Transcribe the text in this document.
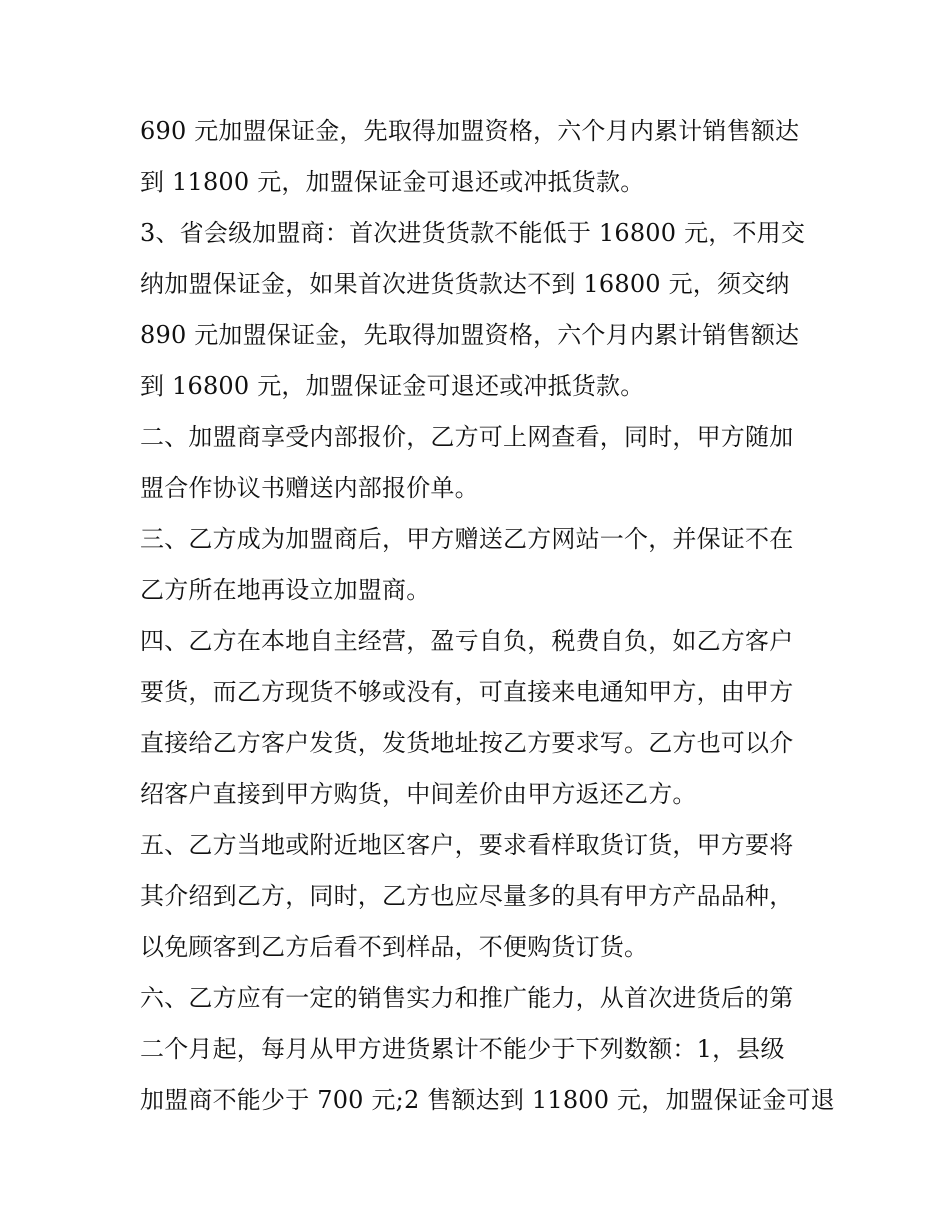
690 元加盟保证金，先取得加盟资格，六个月内累计销售额达
到 11800 元，加盟保证金可退还或冲抵货款。
3、省会级加盟商：首次进货货款不能低于 16800 元，不用交
纳加盟保证金，如果首次进货货款达不到 16800 元，须交纳
890 元加盟保证金，先取得加盟资格，六个月内累计销售额达
到 16800 元，加盟保证金可退还或冲抵货款。
二、加盟商享受内部报价，乙方可上网查看，同时，甲方随加
盟合作协议书赠送内部报价单。
三、乙方成为加盟商后，甲方赠送乙方网站一个，并保证不在
乙方所在地再设立加盟商。
四、乙方在本地自主经营，盈亏自负，税费自负，如乙方客户
要货，而乙方现货不够或没有，可直接来电通知甲方，由甲方
直接给乙方客户发货，发货地址按乙方要求写。乙方也可以介
绍客户直接到甲方购货，中间差价由甲方返还乙方。
五、乙方当地或附近地区客户，要求看样取货订货，甲方要将
其介绍到乙方，同时，乙方也应尽量多的具有甲方产品品种，
以免顾客到乙方后看不到样品，不便购货订货。
六、乙方应有一定的销售实力和推广能力，从首次进货后的第
二个月起，每月从甲方进货累计不能少于下列数额：1，县级
加盟商不能少于 700 元;2 售额达到 11800 元，加盟保证金可退
